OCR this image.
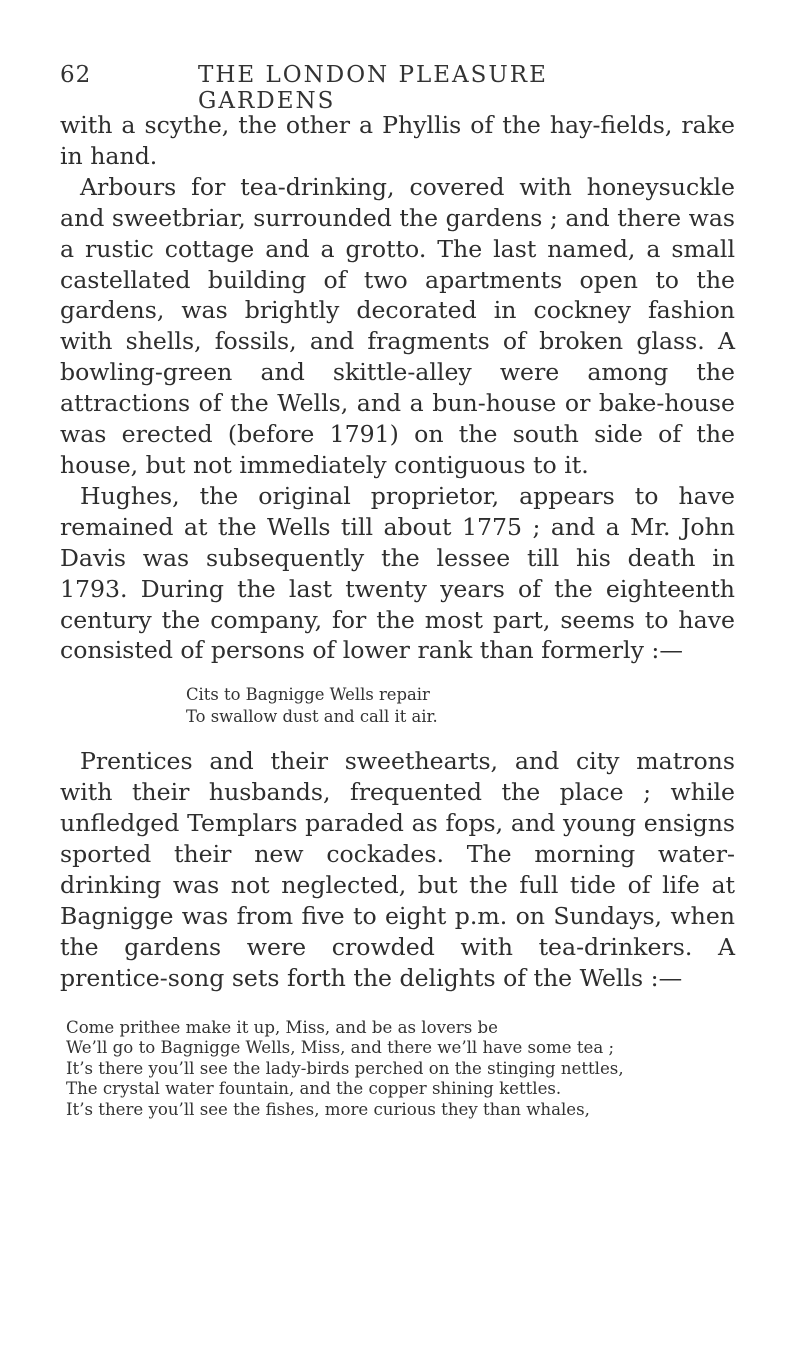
62	THE LONDON PLEASURE GARDENS

with a scythe, the other a Phyllis of the hay-fields, rake in hand.

Arbours for tea-drinking, covered with honeysuckle and sweetbriar, surrounded the gardens ; and there was a rustic cottage and a grotto. The last named, a small castellated building of two apartments open to the gardens, was brightly decorated in cockney fashion with shells, fossils, and fragments of broken glass. A bowling-green and skittle-alley were among the attractions of the Wells, and a bun-house or bake-house was erected (before 1791) on the south side of the house, but not immediately contiguous to it.

Hughes, the original proprietor, appears to have remained at the Wells till about 1775 ; and a Mr. John Davis was subsequently the lessee till his death in 1793. During the last twenty years of the eighteenth century the company, for the most part, seems to have consisted of persons of lower rank than formerly :—

Cits to Bagnigge Wells repair
To swallow dust and call it air.

Prentices and their sweethearts, and city matrons with their husbands, frequented the place ; while unfledged Templars paraded as fops, and young ensigns sported their new cockades. The morning water-drinking was not neglected, but the full tide of life at Bagnigge was from five to eight p.m. on Sundays, when the gardens were crowded with tea-drinkers. A prentice-song sets forth the delights of the Wells :—

Come prithee make it up, Miss, and be as lovers be
We’ll go to Bagnigge Wells, Miss, and there we’ll have some tea ;
It’s there you’ll see the lady-birds perched on the stinging nettles,
The crystal water fountain, and the copper shining kettles.
It’s there you’ll see the fishes, more curious they than whales,
